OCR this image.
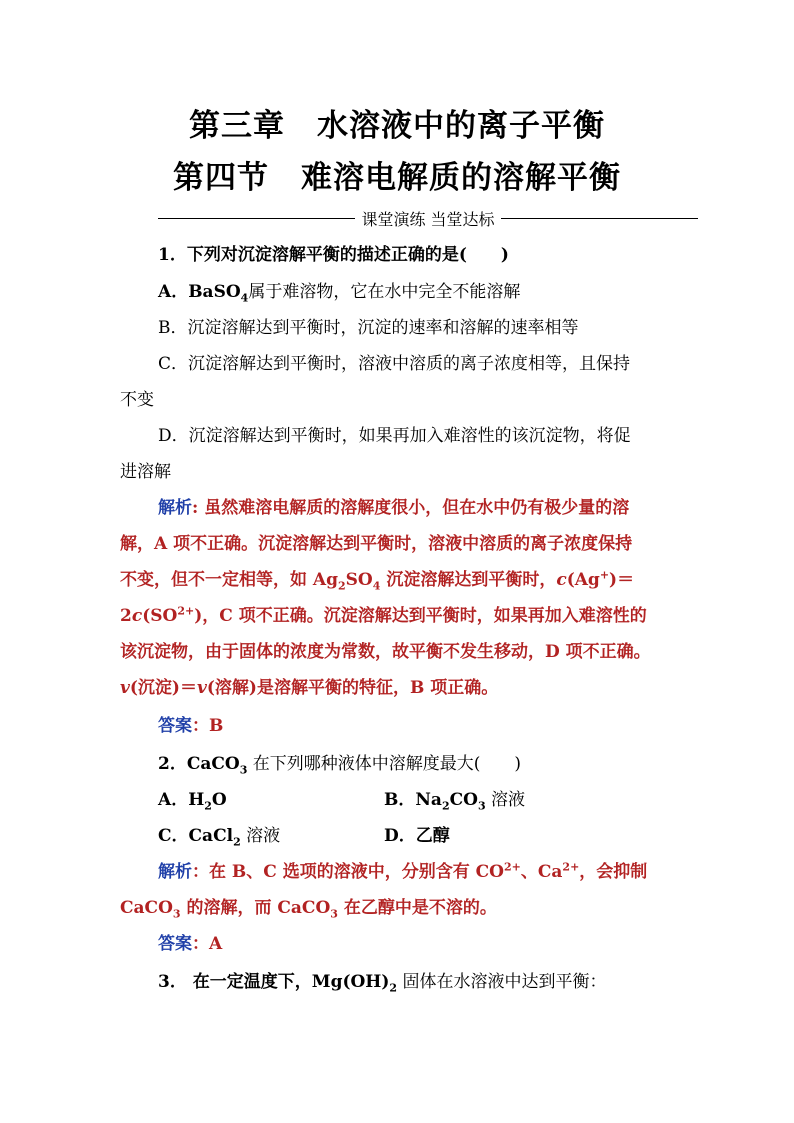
第三章　水溶液中的离子平衡
第四节　难溶电解质的溶解平衡
课堂演练 当堂达标
1．下列对沉淀溶解平衡的描述正确的是(　　)
A．BaSO$_4$属于难溶物，它在水中完全不能溶解
B．沉淀溶解达到平衡时，沉淀的速率和溶解的速率相等
C．沉淀溶解达到平衡时，溶液中溶质的离子浓度相等，且保持
不变
D．沉淀溶解达到平衡时，如果再加入难溶性的该沉淀物，将促
进溶解
解析: 虽然难溶电解质的溶解度很小，但在水中仍有极少量的溶
解，A 项不正确。沉淀溶解达到平衡时，溶液中溶质的离子浓度保持
不变，但不一定相等，如 $Ag_2SO_4$ 沉淀溶解达到平衡时，c(Ag+)＝
$2c(SO^{2+})$，C 项不正确。沉淀溶解达到平衡时，如果再加入难溶性的
该沉淀物，由于固体的浓度为常数，故平衡不发生移动，D 项不正确。
v(沉淀)＝v(溶解)是溶解平衡的特征，B 项正确。
答案：B
2．CaCO$_3$ 在下列哪种液体中溶解度最大(　　)
A．$H_2O$	B．$Na_2CO_3$ 溶液
C．CaCl$_2$ 溶液	D．乙醇
解析：在 B、C 选项的溶液中，分别含有 $CO^{2+}$、$Ca^{2+}$，会抑制
CaCO$_3$ 的溶解，而 CaCO$_3$ 在乙醇中是不溶的。
答案：A
3． 在一定温度下，$Mg(OH)_2$ 固体在水溶液中达到平衡：
